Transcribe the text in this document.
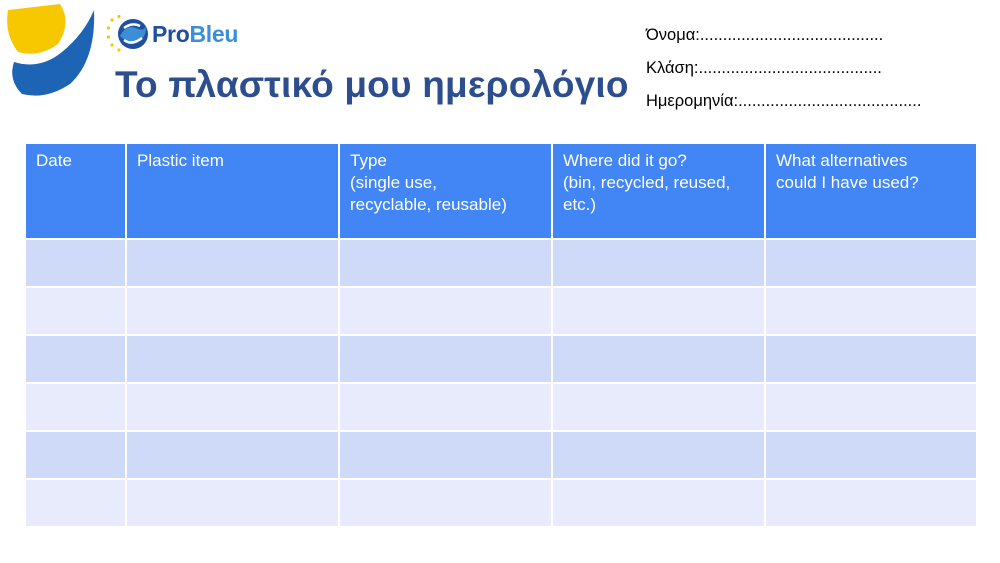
ProBleu
Το πλαστικό μου ημερολόγιο
Όνομα:........................................
Κλάση:........................................
Ημερομηνία:........................................
Date	Plastic item	Type
(single use,
recyclable, reusable)	Where did it go?
(bin, recycled, reused,
etc.)	What alternatives
could I have used?
